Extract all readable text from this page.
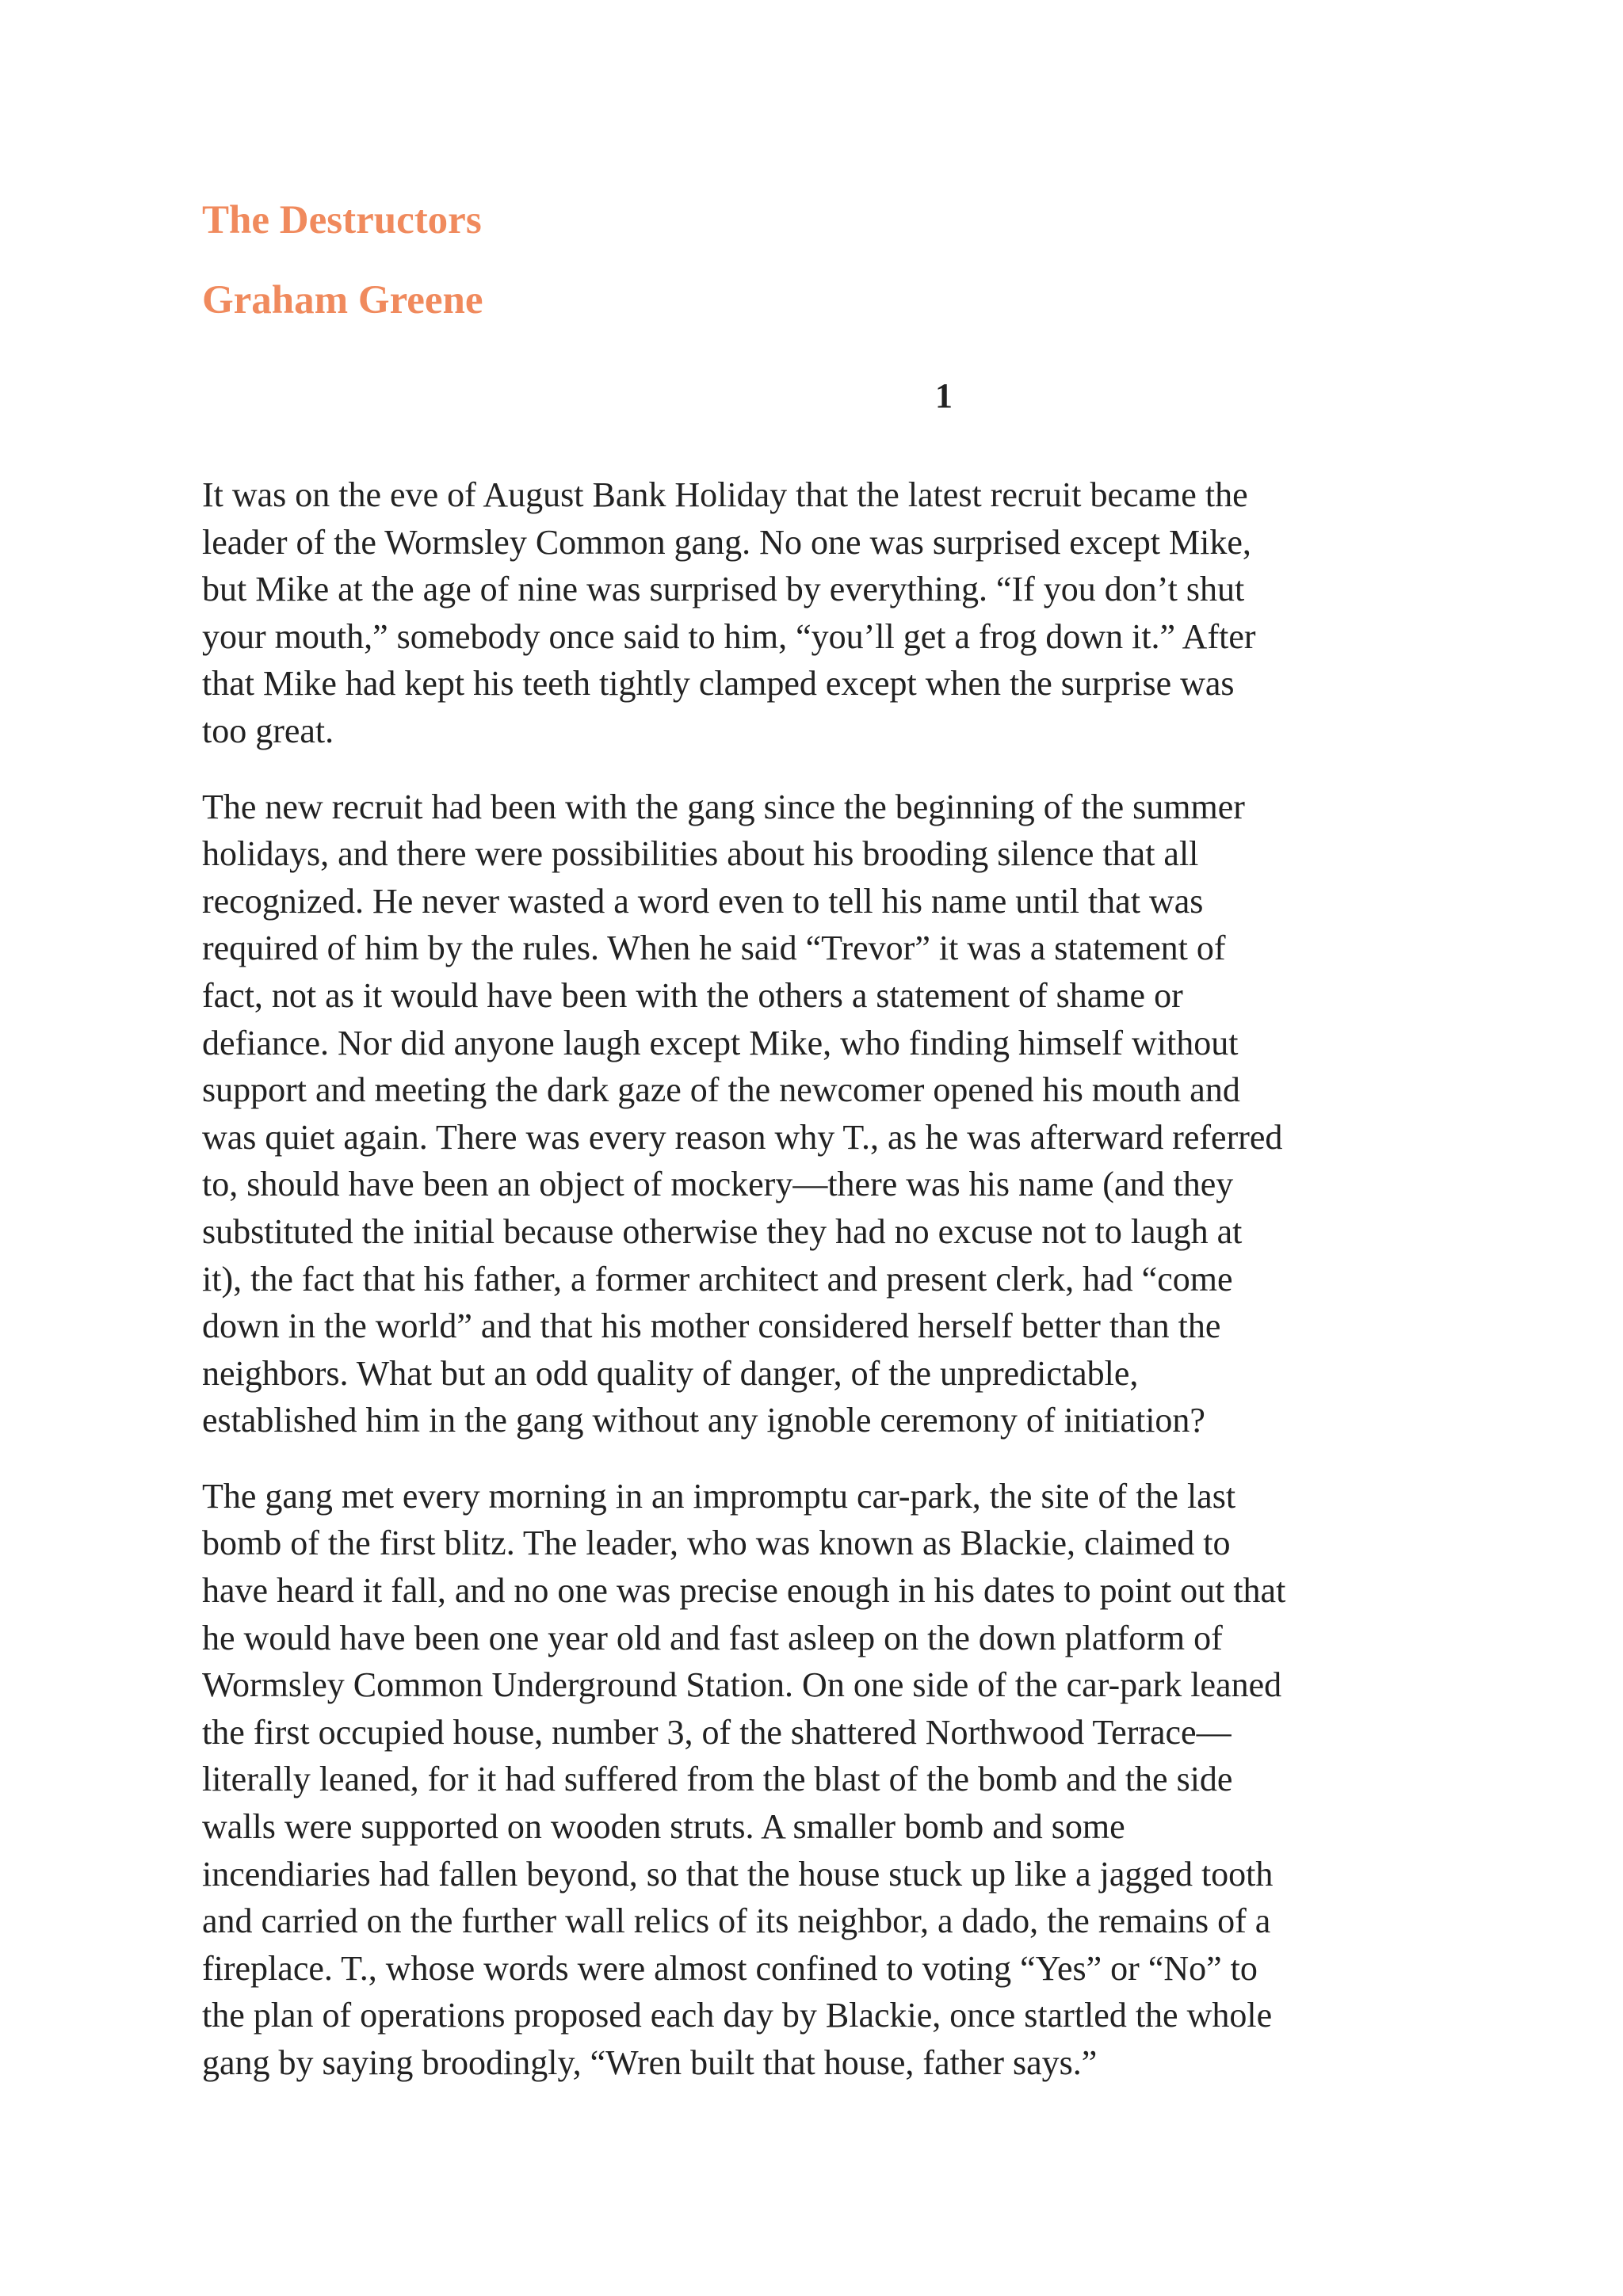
The Destructors
Graham Greene
1

It was on the eve of August Bank Holiday that the latest recruit became the
leader of the Wormsley Common gang. No one was surprised except Mike,
but Mike at the age of nine was surprised by everything. “If you don’t shut
your mouth,” somebody once said to him, “you’ll get a frog down it.” After
that Mike had kept his teeth tightly clamped except when the surprise was
too great.

The new recruit had been with the gang since the beginning of the summer
holidays, and there were possibilities about his brooding silence that all
recognized. He never wasted a word even to tell his name until that was
required of him by the rules. When he said “Trevor” it was a statement of
fact, not as it would have been with the others a statement of shame or
defiance. Nor did anyone laugh except Mike, who finding himself without
support and meeting the dark gaze of the newcomer opened his mouth and
was quiet again. There was every reason why T., as he was afterward referred
to, should have been an object of mockery—there was his name (and they
substituted the initial because otherwise they had no excuse not to laugh at
it), the fact that his father, a former architect and present clerk, had “come
down in the world” and that his mother considered herself better than the
neighbors. What but an odd quality of danger, of the unpredictable,
established him in the gang without any ignoble ceremony of initiation?

The gang met every morning in an impromptu car-park, the site of the last
bomb of the first blitz. The leader, who was known as Blackie, claimed to
have heard it fall, and no one was precise enough in his dates to point out that
he would have been one year old and fast asleep on the down platform of
Wormsley Common Underground Station. On one side of the car-park leaned
the first occupied house, number 3, of the shattered Northwood Terrace—
literally leaned, for it had suffered from the blast of the bomb and the side
walls were supported on wooden struts. A smaller bomb and some
incendiaries had fallen beyond, so that the house stuck up like a jagged tooth
and carried on the further wall relics of its neighbor, a dado, the remains of a
fireplace. T., whose words were almost confined to voting “Yes” or “No” to
the plan of operations proposed each day by Blackie, once startled the whole
gang by saying broodingly, “Wren built that house, father says.”
